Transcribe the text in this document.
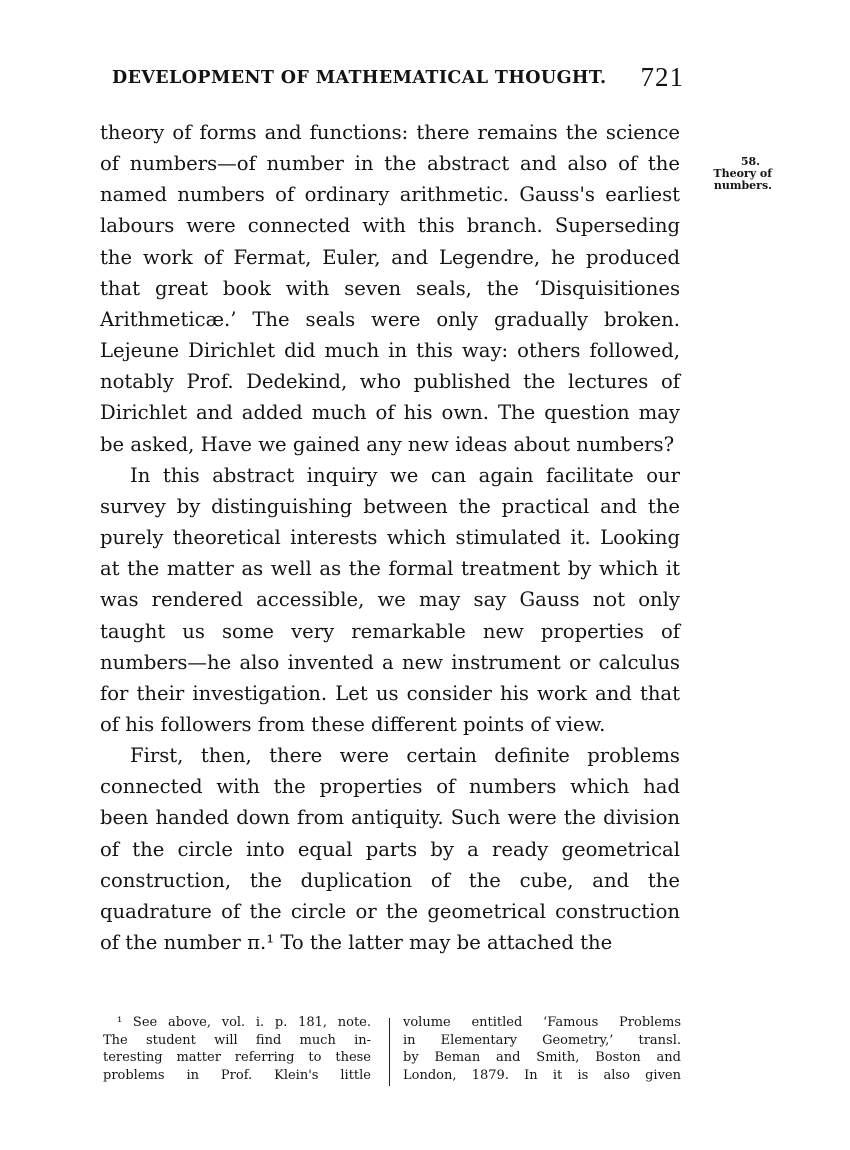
DEVELOPMENT OF MATHEMATICAL THOUGHT. 721
58.
Theory of
numbers.

theory of forms and functions: there remains the science of numbers—of number in the abstract and also of the named numbers of ordinary arithmetic. Gauss's earliest labours were connected with this branch. Superseding the work of Fermat, Euler, and Legendre, he produced that great book with seven seals, the ‘Disquisitiones Arithmeticæ.’ The seals were only gradually broken. Lejeune Dirichlet did much in this way: others followed, notably Prof. Dedekind, who published the lectures of Dirichlet and added much of his own. The question may be asked, Have we gained any new ideas about numbers?

In this abstract inquiry we can again facilitate our survey by distinguishing between the practical and the purely theoretical interests which stimulated it. Looking at the matter as well as the formal treatment by which it was rendered accessible, we may say Gauss not only taught us some very remarkable new properties of numbers—he also invented a new instrument or calculus for their investigation. Let us consider his work and that of his followers from these different points of view.

First, then, there were certain definite problems connected with the properties of numbers which had been handed down from antiquity. Such were the division of the circle into equal parts by a ready geometrical construction, the duplication of the cube, and the quadrature of the circle or the geometrical construction of the number π.¹ To the latter may be attached the

¹ See above, vol. i. p. 181, note.
The student will find much in-
teresting matter referring to these
problems in Prof. Klein's little
volume entitled ‘Famous Problems
in Elementary Geometry,’ transl.
by Beman and Smith, Boston and
London, 1879. In it is also given
